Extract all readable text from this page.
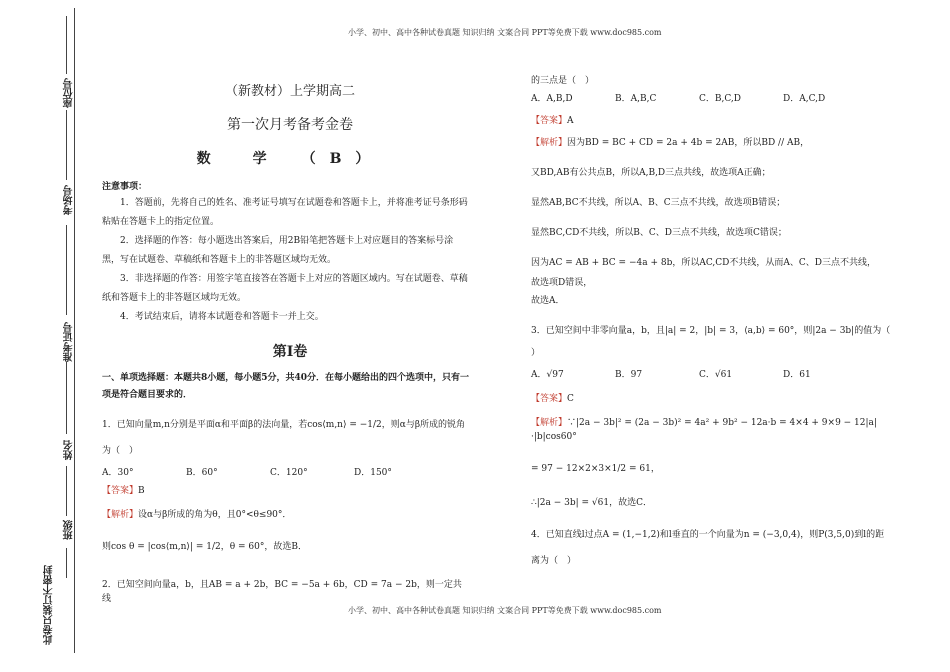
小学、初中、高中各种试卷真题 知识归纳 文案合同 PPT等免费下载 www.doc985.com
小学、初中、高中各种试卷真题 知识归纳 文案合同 PPT等免费下载 www.doc985.com
座位号
考场号
准考证号
姓名
班级
此卷只装订不密封
（新教材）上学期高二
第一次月考备考金卷
数　学　（B）

注意事项：

1．答题前，先将自己的姓名、准考证号填写在试题卷和答题卡上，并将准考证号条形码粘贴在答题卡上的指定位置。

2．选择题的作答：每小题选出答案后，用2B铅笔把答题卡上对应题目的答案标号涂黑，写在试题卷、草稿纸和答题卡上的非答题区域均无效。

3．非选择题的作答：用签字笔直接答在答题卡上对应的答题区域内。写在试题卷、草稿纸和答题卡上的非答题区域均无效。

4．考试结束后，请将本试题卷和答题卡一并上交。

第Ⅰ卷
一、单项选择题：本题共8小题，每小题5分，共40分．在每小题给出的四个选项中，只有一项是符合题目要求的．

1．已知向量m,n分别是平面α和平面β的法向量，若cos⟨m,n⟩ = −1/2，则α与β所成的锐角为（　）

A．30°	B．60°	C．120°	D．150°

【答案】B

【解析】设α与β所成的角为θ，且0°<θ≤90°．

则cos θ = |cos⟨m,n⟩| = 1/2，θ = 60°，故选B．

2．已知空间向量a，b，且AB = a + 2b，BC = −5a + 6b，CD = 7a − 2b，则一定共线

的三点是（　）

A．A,B,D	B．A,B,C	C．B,C,D	D．A,C,D

【答案】A

【解析】因为BD = BC + CD = 2a + 4b = 2AB，所以BD // AB，

又BD,AB有公共点B，所以A,B,D三点共线，故选项A正确；

显然AB,BC不共线，所以A、B、C三点不共线，故选项B错误；

显然BC,CD不共线，所以B、C、D三点不共线，故选项C错误；

因为AC = AB + BC = −4a + 8b，所以AC,CD不共线，从而A、C、D三点不共线，

故选项D错误，

故选A．

3．已知空间中非零向量a，b，且|a| = 2，|b| = 3，⟨a,b⟩ = 60°，则|2a − 3b|的值为（

）

A．√97	B．97	C．√61	D．61

【答案】C

【解析】∵|2a − 3b|² = (2a − 3b)² = 4a² + 9b² − 12a·b = 4×4 + 9×9 − 12|a|·|b|cos60°

= 97 − 12×2×3×1/2 = 61，

∴|2a − 3b| = √61，故选C．

4．已知直线l过点A = (1,−1,2)和l垂直的一个向量为n = (−3,0,4)，则P(3,5,0)到l的距

离为（　）
